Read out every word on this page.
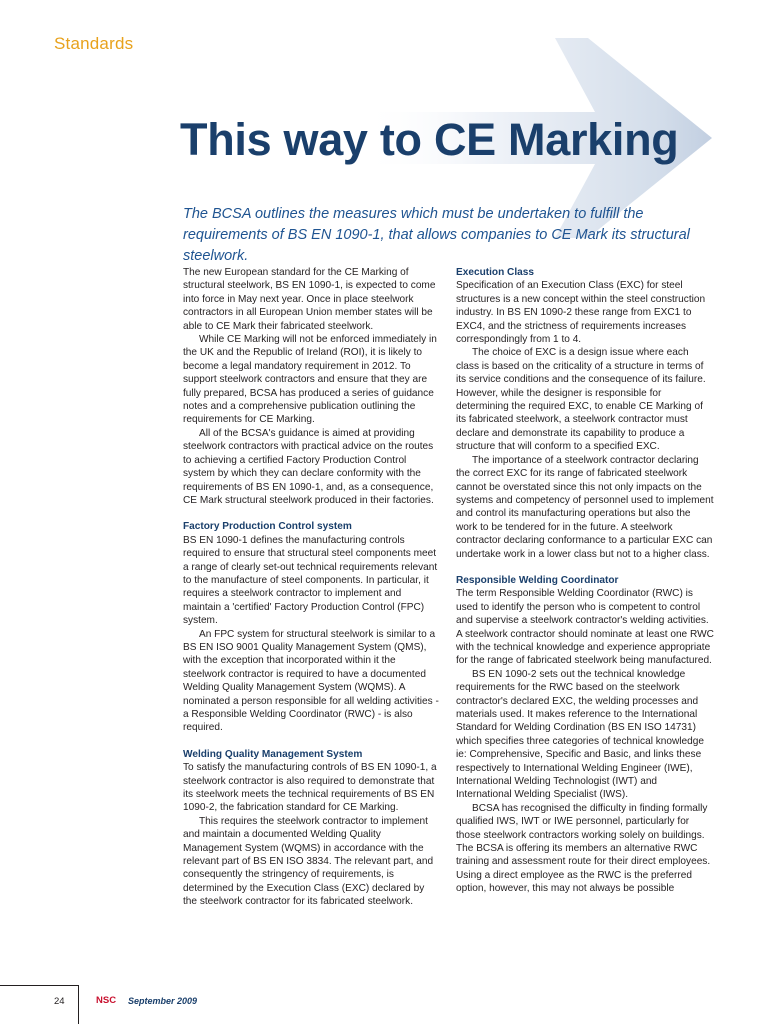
Standards
This way to CE Marking

The BCSA outlines the measures which must be undertaken to fulfill the requirements of BS EN 1090-1, that allows companies to CE Mark its structural steelwork.

The new European standard for the CE Marking of structural steelwork, BS EN 1090-1, is expected to come into force in May next year. Once in place steelwork contractors in all European Union member states will be able to CE Mark their fabricated steelwork.

While CE Marking will not be enforced immediately in the UK and the Republic of Ireland (ROI), it is likely to become a legal mandatory requirement in 2012. To support steelwork contractors and ensure that they are fully prepared, BCSA has produced a series of guidance notes and a comprehensive publication outlining the requirements for CE Marking.

All of the BCSA's guidance is aimed at providing steelwork contractors with practical advice on the routes to achieving a certified Factory Production Control system by which they can declare conformity with the requirements of BS EN 1090-1, and, as a consequence, CE Mark structural steelwork produced in their factories.

Factory Production Control system

BS EN 1090-1 defines the manufacturing controls required to ensure that structural steel components meet a range of clearly set-out technical requirements relevant to the manufacture of steel components. In particular, it requires a steelwork contractor to implement and maintain a 'certified' Factory Production Control (FPC) system.

An FPC system for structural steelwork is similar to a BS EN ISO 9001 Quality Management System (QMS), with the exception that incorporated within it the steelwork contractor is required to have a documented Welding Quality Management System (WQMS). A nominated a person responsible for all welding activities - a Responsible Welding Coordinator (RWC) - is also required.

Welding Quality Management System

To satisfy the manufacturing controls of BS EN 1090-1, a steelwork contractor is also required to demonstrate that its steelwork meets the technical requirements of BS EN 1090-2, the fabrication standard for CE Marking.

This requires the steelwork contractor to implement and maintain a documented Welding Quality Management System (WQMS) in accordance with the relevant part of BS EN ISO 3834. The relevant part, and consequently the stringency of requirements, is determined by the Execution Class (EXC) declared by the steelwork contractor for its fabricated steelwork.

Execution Class

Specification of an Execution Class (EXC) for steel structures is a new concept within the steel construction industry. In BS EN 1090-2 these range from EXC1 to EXC4, and the strictness of requirements increases correspondingly from 1 to 4.

The choice of EXC is a design issue where each class is based on the criticality of a structure in terms of its service conditions and the consequence of its failure. However, while the designer is responsible for determining the required EXC, to enable CE Marking of its fabricated steelwork, a steelwork contractor must declare and demonstrate its capability to produce a structure that will conform to a specified EXC.

The importance of a steelwork contractor declaring the correct EXC for its range of fabricated steelwork cannot be overstated since this not only impacts on the systems and competency of personnel used to implement and control its manufacturing operations but also the work to be tendered for in the future. A steelwork contractor declaring conformance to a particular EXC can undertake work in a lower class but not to a higher class.

Responsible Welding Coordinator

The term Responsible Welding Coordinator (RWC) is used to identify the person who is competent to control and supervise a steelwork contractor's welding activities. A steelwork contractor should nominate at least one RWC with the technical knowledge and experience appropriate for the range of fabricated steelwork being manufactured.

BS EN 1090-2 sets out the technical knowledge requirements for the RWC based on the steelwork contractor's declared EXC, the welding processes and materials used. It makes reference to the International Standard for Welding Cordination (BS EN ISO 14731) which specifies three categories of technical knowledge ie: Comprehensive, Specific and Basic, and links these respectively to International Welding Engineer (IWE), International Welding Technologist (IWT) and International Welding Specialist (IWS).

BCSA has recognised the difficulty in finding formally qualified IWS, IWT or IWE personnel, particularly for those steelwork contractors working solely on buildings. The BCSA is offering its members an alternative RWC training and assessment route for their direct employees. Using a direct employee as the RWC is the preferred option, however, this may not always be possible

24	NSC September 2009
